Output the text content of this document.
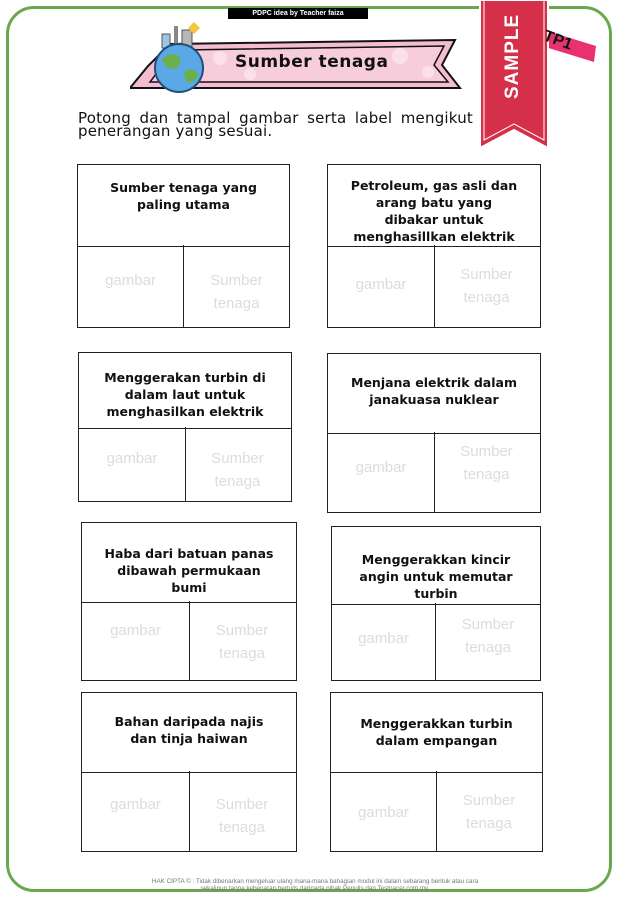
PDPC idea by Teacher faiza
Sumber tenaga	SAMPLE TP1
Potong dan tampal gambar serta label mengikut penerangan yang sesuai.
Sumber tenaga yang paling utama
gambar	Sumber
tenaga
Petroleum, gas asli dan arang batu yang dibakar untuk menghasillkan elektrik
gambar
Sumber
tenaga
Menggerakan turbin di dalam laut untuk menghasilkan elektrik
gambar	Sumber
tenaga
Menjana elektrik dalam janakuasa nuklear
gambar
Sumber
tenaga
Haba dari batuan panas dibawah permukaan bumi
gambar	Sumber
tenaga
Menggerakkan kincir angin untuk memutar turbin
gambar
Sumber
tenaga
Bahan daripada najis dan tinja haiwan
gambar	Sumber
tenaga
Menggerakkan turbin dalam empangan
gambar
Sumber
tenaga
HAK CIPTA © : Tidak dibenarkan mengeluar ulang mana-mana bahagian modul ini dalam sebarang bentuk atau cara sekalipun tanpa kebenaran bertulis daripada pihak Penulis dan Testpacer.com.my.
